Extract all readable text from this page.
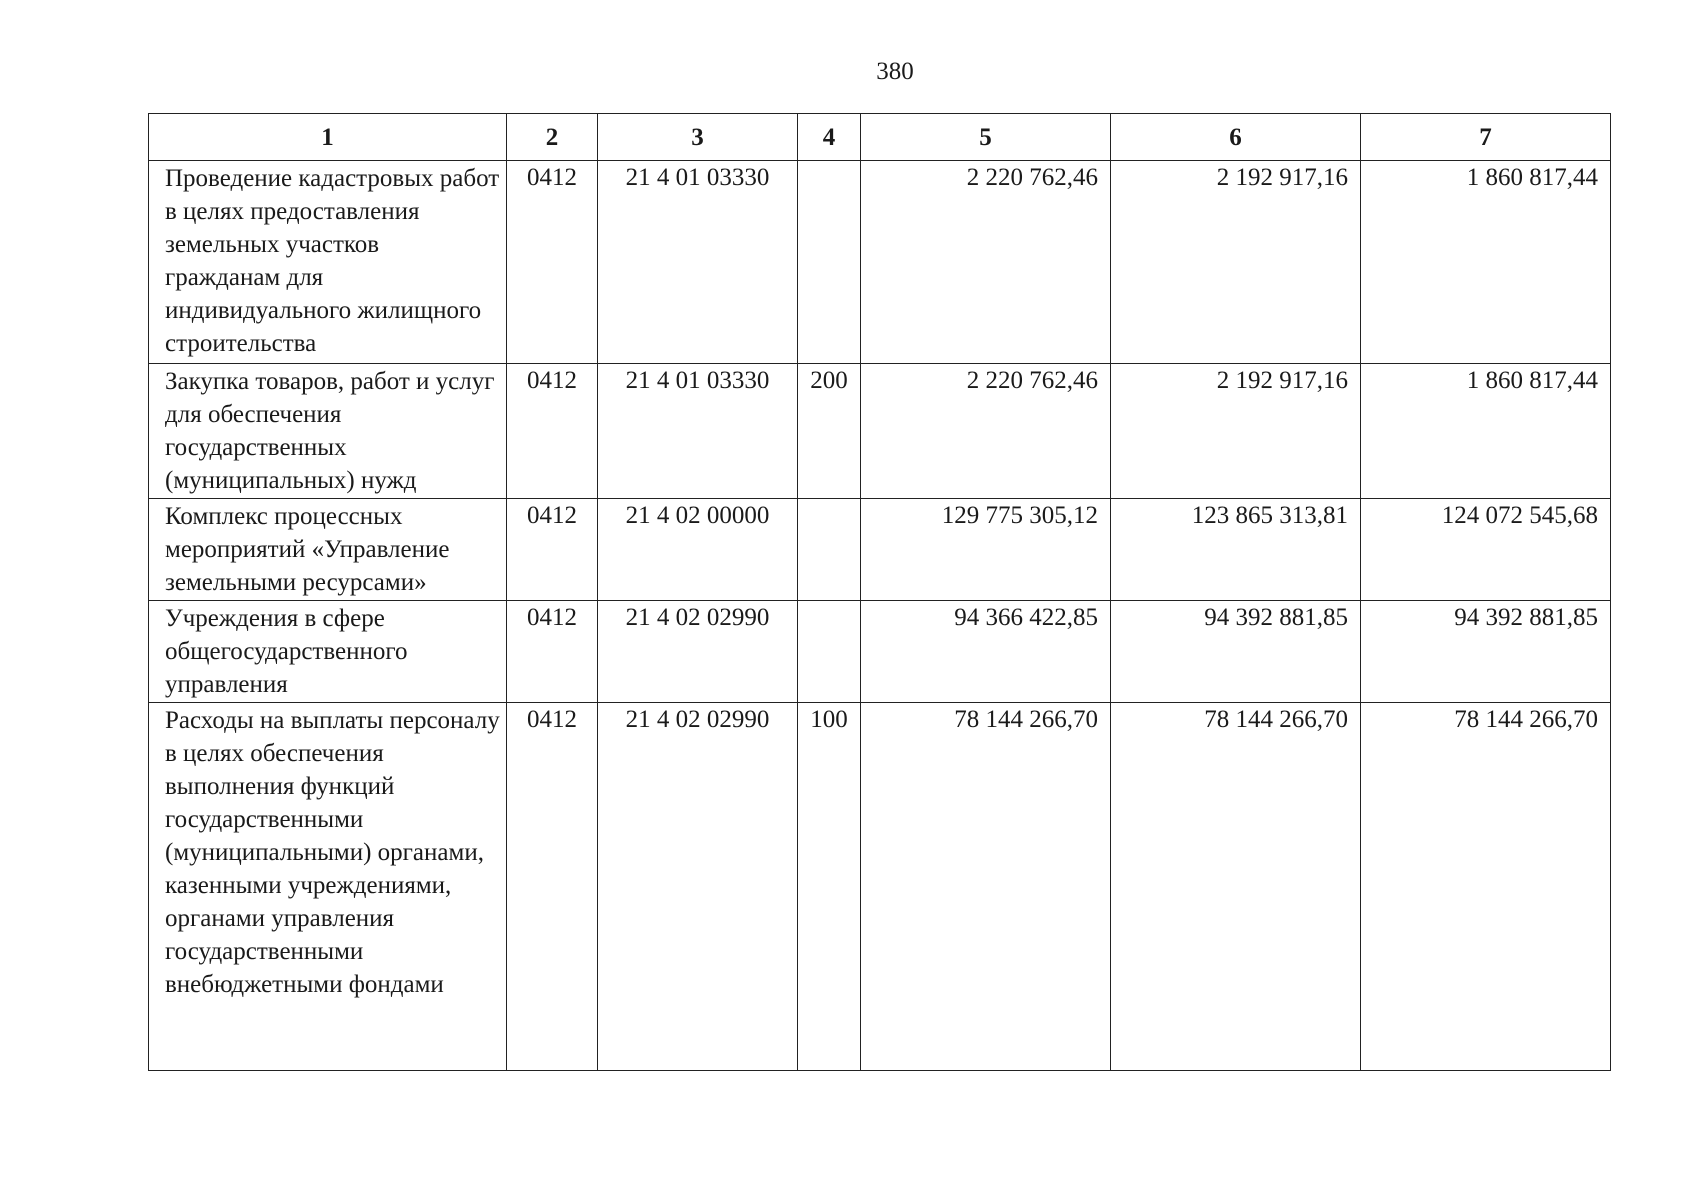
380
1	2	3	4	5	6	7
Проведение кадастровых работ в целях предоставления земельных участков гражданам для индивидуального жилищного строительства	0412	21 4 01 03330		2 220 762,46	2 192 917,16	1 860 817,44
Закупка товаров, работ и услуг для обеспечения государственных (муниципальных) нужд	0412	21 4 01 03330	200	2 220 762,46	2 192 917,16	1 860 817,44
Комплекс процессных мероприятий «Управление земельными ресурсами»	0412	21 4 02 00000		129 775 305,12	123 865 313,81	124 072 545,68
Учреждения в сфере общегосударственного управления	0412	21 4 02 02990		94 366 422,85	94 392 881,85	94 392 881,85
Расходы на выплаты персоналу в целях обеспечения выполнения функций государственными (муниципальными) органами, казенными учреждениями, органами управления государственными внебюджетными фондами	0412	21 4 02 02990	100	78 144 266,70	78 144 266,70	78 144 266,70
